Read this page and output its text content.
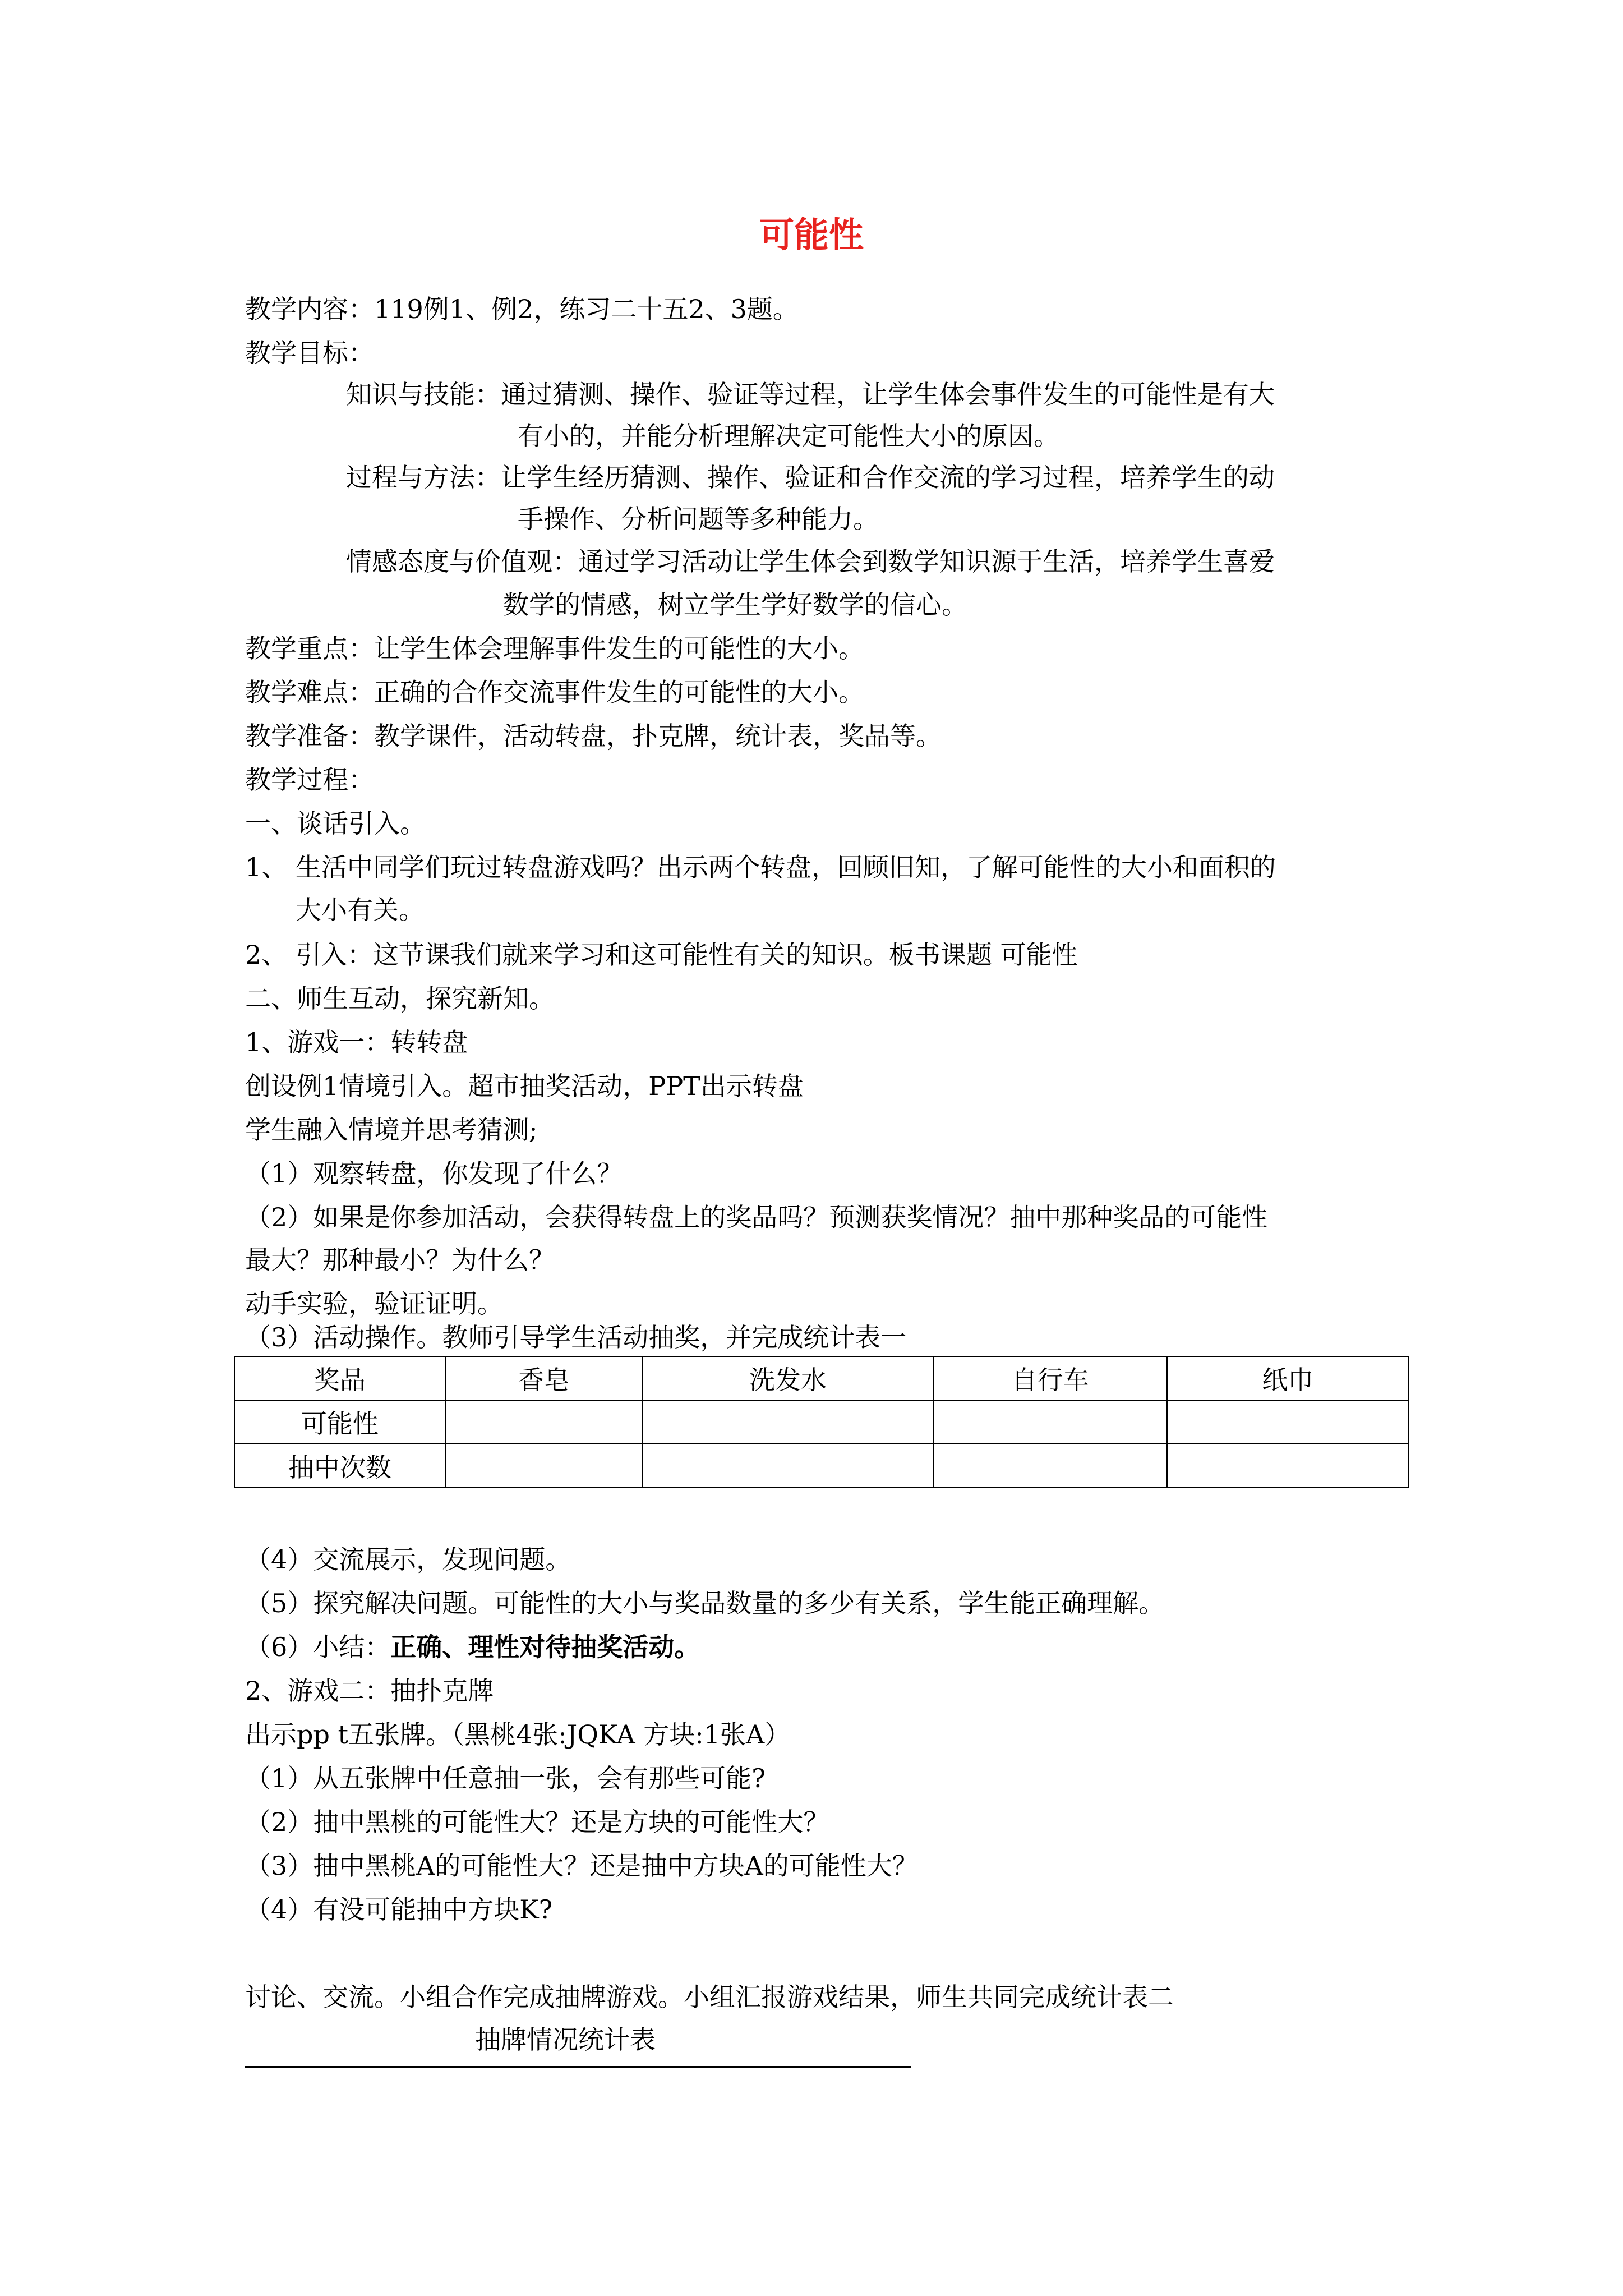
可能性
教学内容：119例1、例2，练习二十五2、3题。
教学目标：
知识与技能：通过猜测、操作、验证等过程，让学生体会事件发生的可能性是有大
有小的，并能分析理解决定可能性大小的原因。
过程与方法：让学生经历猜测、操作、验证和合作交流的学习过程，培养学生的动
手操作、分析问题等多种能力。
情感态度与价值观：通过学习活动让学生体会到数学知识源于生活，培养学生喜爱
数学的情感，树立学生学好数学的信心。
教学重点：让学生体会理解事件发生的可能性的大小。
教学难点：正确的合作交流事件发生的可能性的大小。
教学准备：教学课件，活动转盘，扑克牌，统计表，奖品等。
教学过程：
一、谈话引入。
1、 生活中同学们玩过转盘游戏吗？出示两个转盘，回顾旧知，了解可能性的大小和面积的
大小有关。
2、 引入：这节课我们就来学习和这可能性有关的知识。板书课题 可能性
二、师生互动，探究新知。
1、游戏一：转转盘
创设例1情境引入。超市抽奖活动，PPT出示转盘
学生融入情境并思考猜测;
（1）观察转盘，你发现了什么？
（2）如果是你参加活动，会获得转盘上的奖品吗？预测获奖情况？抽中那种奖品的可能性
最大？那种最小？为什么？
动手实验，验证证明。
（3）活动操作。教师引导学生活动抽奖，并完成统计表一
奖品	香皂	洗发水	自行车	纸巾
可能性				
抽中次数				
（4）交流展示，发现问题。
（5）探究解决问题。可能性的大小与奖品数量的多少有关系，学生能正确理解。
（6）小结：正确、理性对待抽奖活动。
2、游戏二：抽扑克牌
出示pp t五张牌。（黑桃4张:JQKA 方块:1张A）
（1）从五张牌中任意抽一张，会有那些可能?
（2）抽中黑桃的可能性大？还是方块的可能性大？
（3）抽中黑桃A的可能性大？还是抽中方块A的可能性大？
（4）有没可能抽中方块K?
讨论、交流。小组合作完成抽牌游戏。小组汇报游戏结果，师生共同完成统计表二
抽牌情况统计表
